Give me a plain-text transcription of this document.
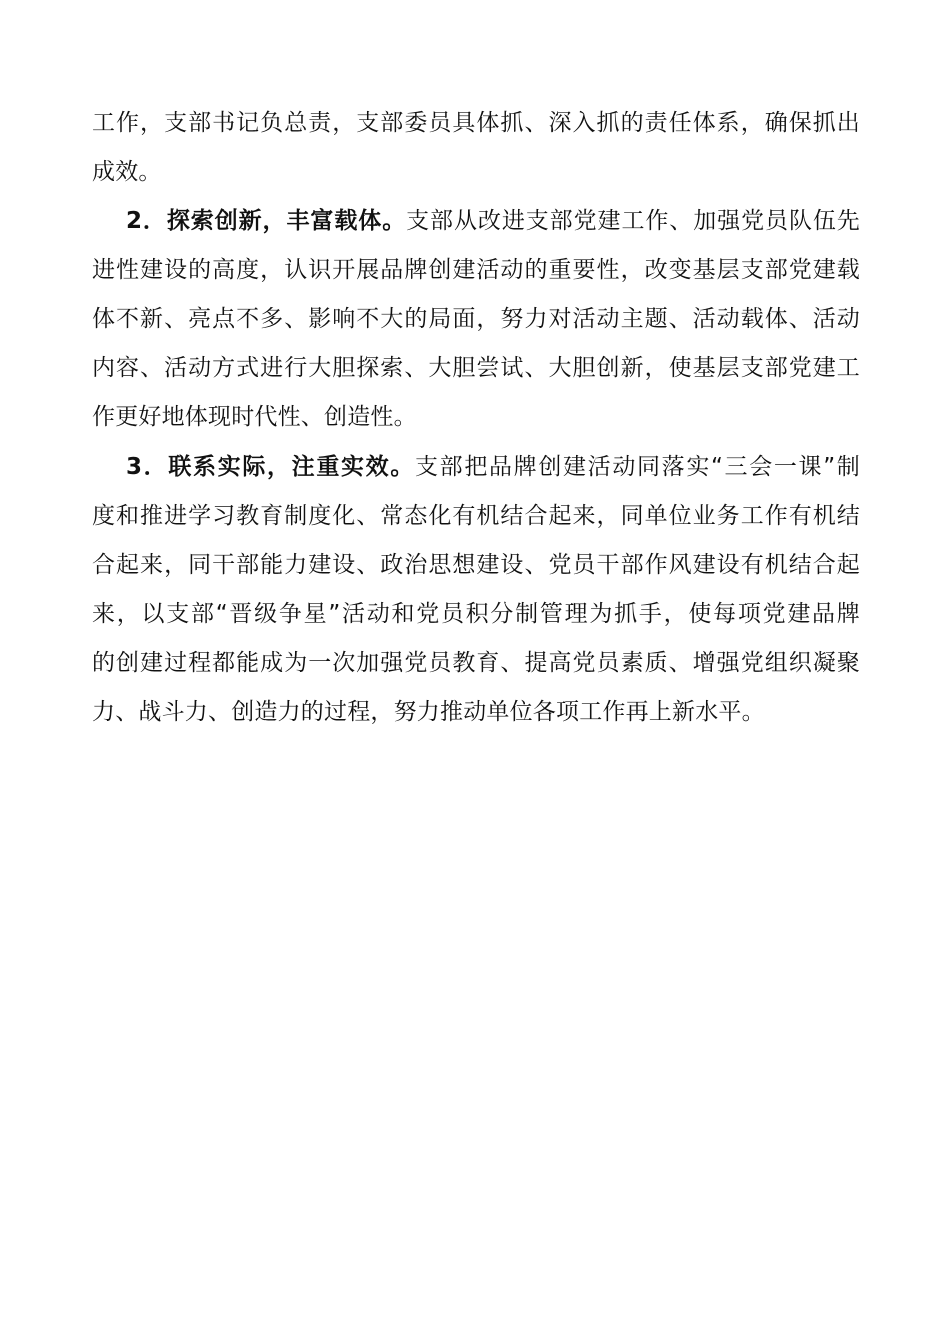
工作，支部书记负总责，支部委员具体抓、深入抓的责任体系，确保抓出
成效。
2．探索创新，丰富载体。支部从改进支部党建工作、加强党员队伍先
进性建设的高度，认识开展品牌创建活动的重要性，改变基层支部党建载
体不新、亮点不多、影响不大的局面，努力对活动主题、活动载体、活动
内容、活动方式进行大胆探索、大胆尝试、大胆创新，使基层支部党建工
作更好地体现时代性、创造性。
3．联系实际，注重实效。支部把品牌创建活动同落实“三会一课”制
度和推进学习教育制度化、常态化有机结合起来，同单位业务工作有机结
合起来，同干部能力建设、政治思想建设、党员干部作风建设有机结合起
来，以支部“晋级争星”活动和党员积分制管理为抓手，使每项党建品牌
的创建过程都能成为一次加强党员教育、提高党员素质、增强党组织凝聚
力、战斗力、创造力的过程，努力推动单位各项工作再上新水平。
